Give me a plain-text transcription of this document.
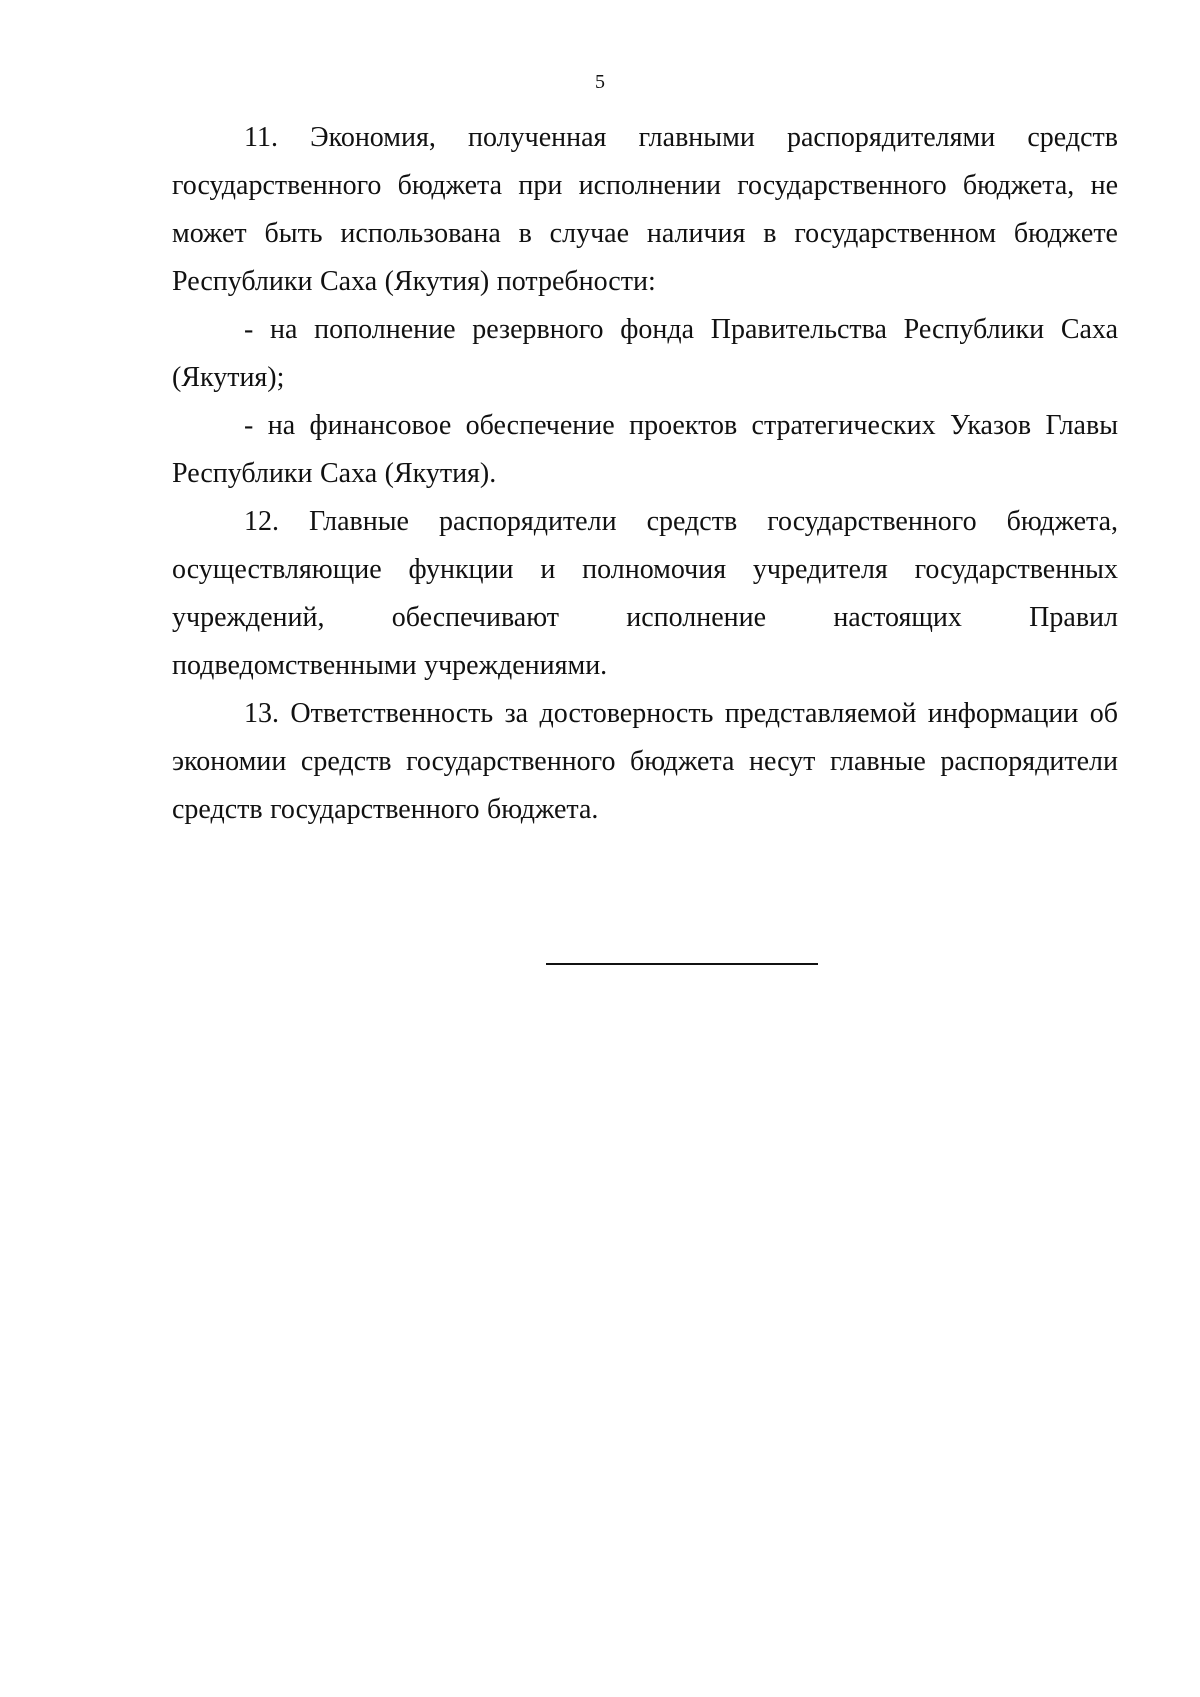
5

11. Экономия, полученная главными распорядителями средств
государственного бюджета при исполнении государственного бюджета, не
может быть использована в случае наличия в государственном бюджете
Республики Саха (Якутия) потребности:

- на пополнение резервного фонда Правительства Республики Саха
(Якутия);

- на финансовое обеспечение проектов стратегических Указов Главы
Республики Саха (Якутия).

12. Главные распорядители средств государственного бюджета,
осуществляющие функции и полномочия учредителя государственных
учреждений, обеспечивают исполнение настоящих Правил
подведомственными учреждениями.

13. Ответственность за достоверность представляемой информации об
экономии средств государственного бюджета несут главные распорядители
средств государственного бюджета.
